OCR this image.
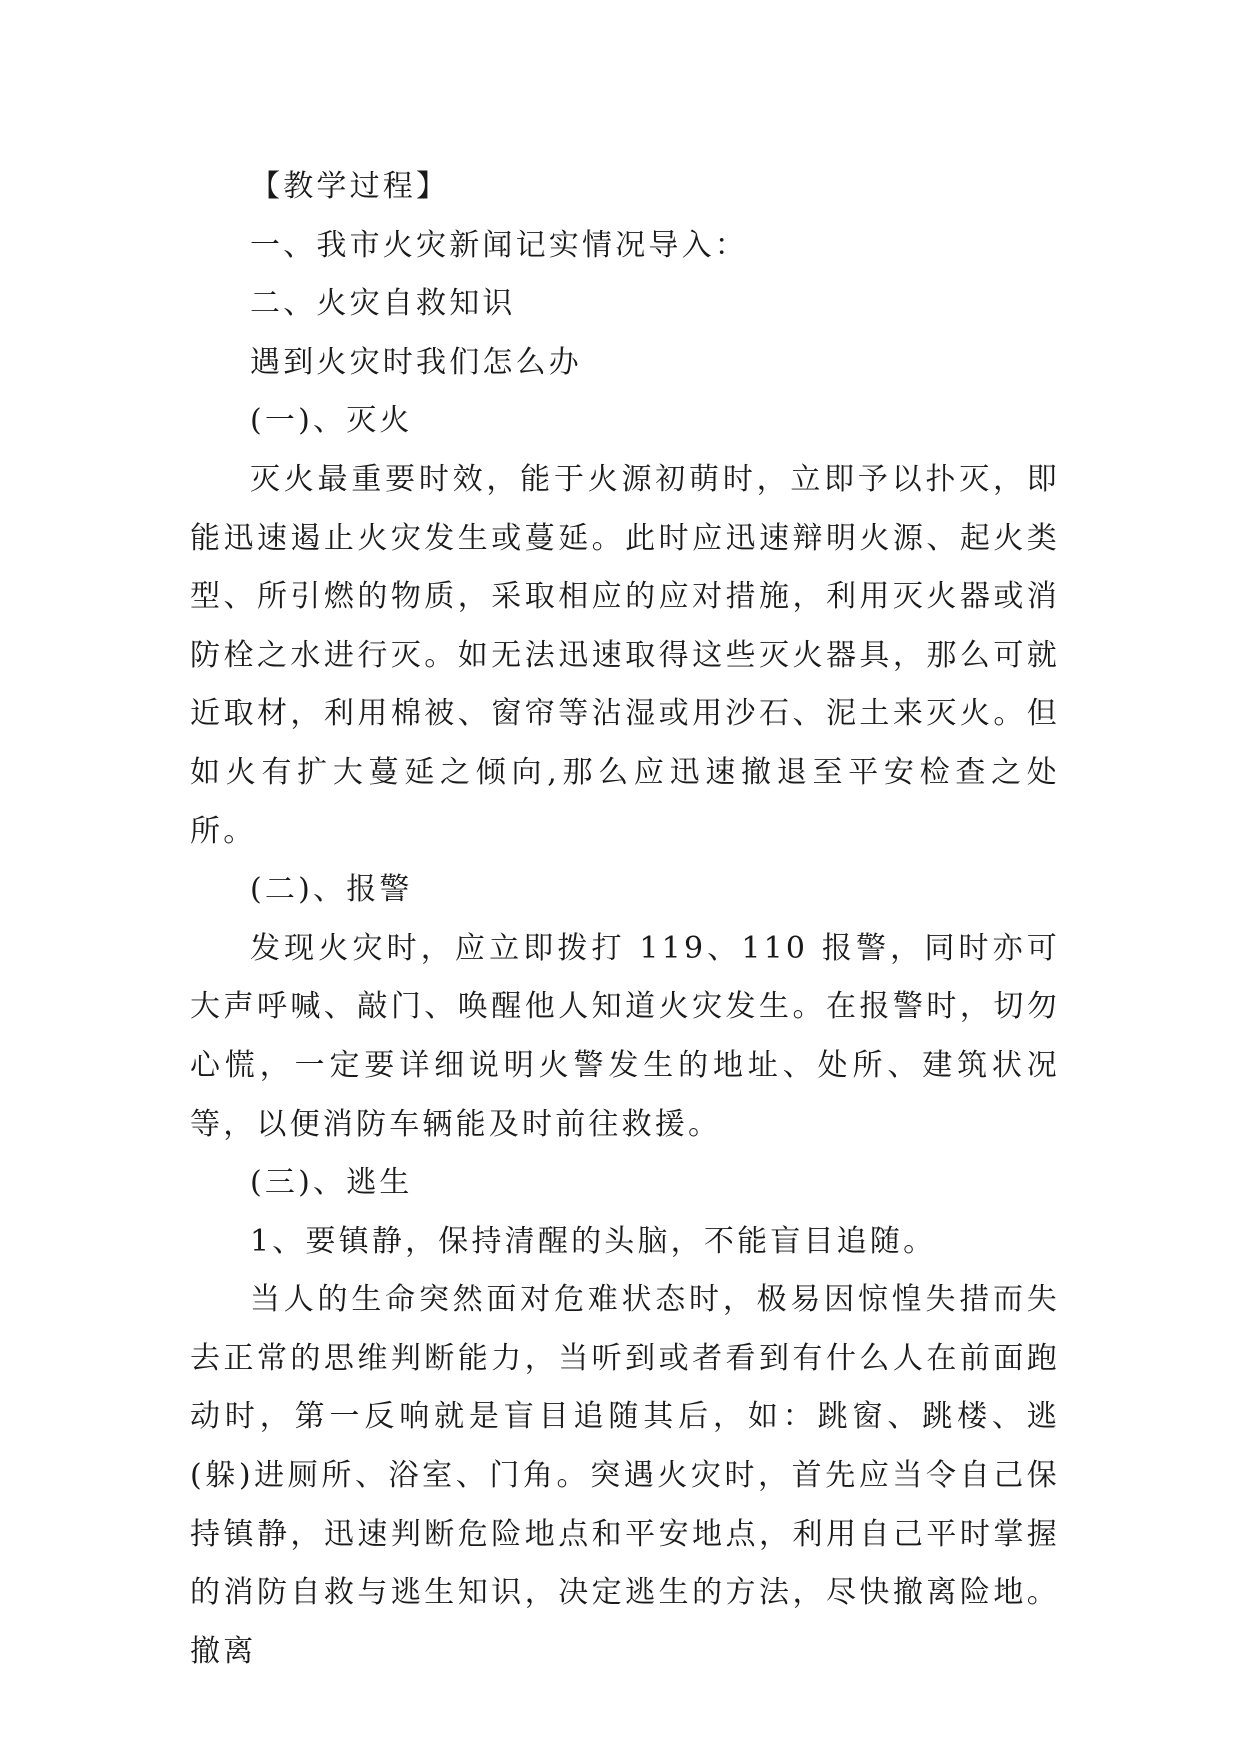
【教学过程】

一、我市火灾新闻记实情况导入：

二、火灾自救知识

遇到火灾时我们怎么办

(一)、灭火

灭火最重要时效，能于火源初萌时，立即予以扑灭，即能迅速遏止火灾发生或蔓延。此时应迅速辩明火源、起火类型、所引燃的物质，采取相应的应对措施，利用灭火器或消防栓之水进行灭。如无法迅速取得这些灭火器具，那么可就近取材，利用棉被、窗帘等沾湿或用沙石、泥土来灭火。但如火有扩大蔓延之倾向,那么应迅速撤退至平安检查之处所。

(二)、报警

发现火灾时，应立即拨打 119、110 报警，同时亦可大声呼喊、敲门、唤醒他人知道火灾发生。在报警时，切勿心慌，一定要详细说明火警发生的地址、处所、建筑状况等，以便消防车辆能及时前往救援。

(三)、逃生

1、要镇静，保持清醒的头脑，不能盲目追随。

当人的生命突然面对危难状态时，极易因惊惶失措而失去正常的思维判断能力，当听到或者看到有什么人在前面跑动时，第一反响就是盲目追随其后，如：跳窗、跳楼、逃(躲)进厕所、浴室、门角。突遇火灾时，首先应当令自己保持镇静，迅速判断危险地点和平安地点，利用自己平时掌握的消防自救与逃生知识，决定逃生的方法，尽快撤离险地。撤离
